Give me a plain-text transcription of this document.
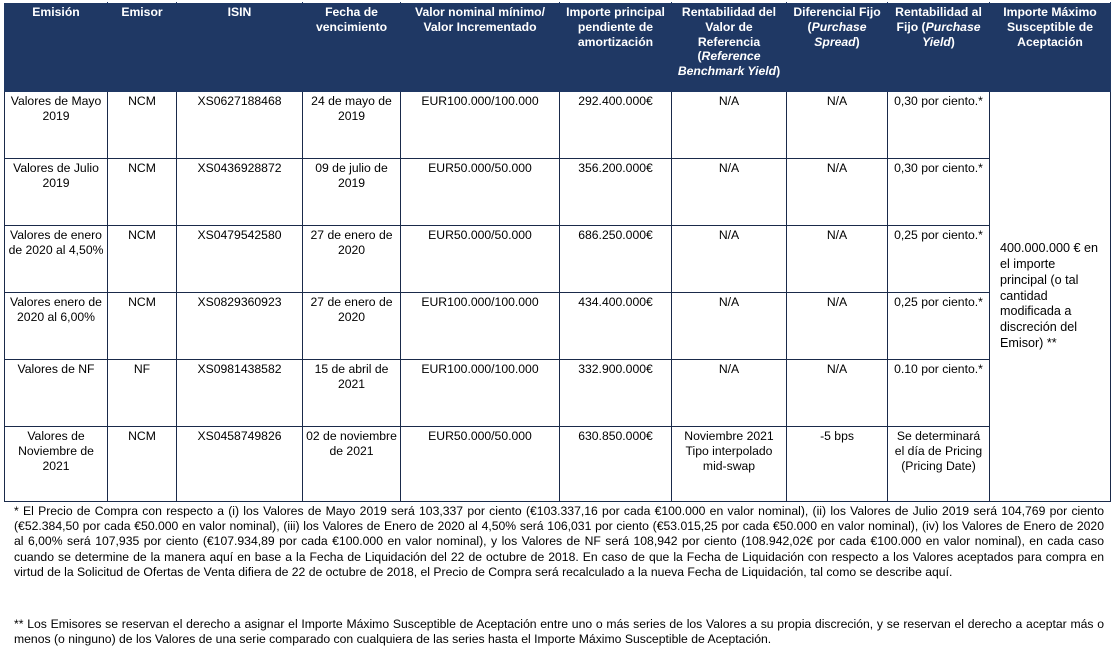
Emisión	Emisor	ISIN	Fecha de vencimiento	Valor nominal mínimo/ Valor Incrementado	Importe principal pendiente de amortización	Rentabilidad del Valor de Referencia (Reference Benchmark Yield)	Diferencial Fijo (Purchase Spread)	Rentabilidad al Fijo (Purchase Yield)	Importe Máximo Susceptible de Aceptación
Valores de Mayo 2019	NCM	XS0627188468	24 de mayo de 2019	EUR100.000/100.000	292.400.000€	N/A	N/A	0,30 por ciento.*	400.000.000 € en el importe principal (o tal cantidad modificada a discreción del Emisor) **
Valores de Julio 2019	NCM	XS0436928872	09 de julio de 2019	EUR50.000/50.000	356.200.000€	N/A	N/A	0,30 por ciento.*	
Valores de enero de 2020 al 4,50%	NCM	XS0479542580	27 de enero de 2020	EUR50.000/50.000	686.250.000€	N/A	N/A	0,25 por ciento.*	
Valores enero de 2020 al 6,00%	NCM	XS0829360923	27 de enero de 2020	EUR100.000/100.000	434.400.000€	N/A	N/A	0,25 por ciento.*	
Valores de NF	NF	XS0981438582	15 de abril de 2021	EUR100.000/100.000	332.900.000€	N/A	N/A	0.10 por ciento.*	
Valores de Noviembre de 2021	NCM	XS0458749826	02 de noviembre de 2021	EUR50.000/50.000	630.850.000€	Noviembre 2021 Tipo interpolado mid-swap	-5 bps	Se determinará el día de Pricing (Pricing Date)	

* El Precio de Compra con respecto a (i) los Valores de Mayo 2019 será 103,337 por ciento (€103.337,16 por cada €100.000 en valor nominal), (ii) los Valores de Julio 2019 será 104,769 por ciento (€52.384,50 por cada €50.000 en valor nominal), (iii) los Valores de Enero de 2020 al 4,50% será 106,031 por ciento (€53.015,25 por cada €50.000 en valor nominal), (iv) los Valores de Enero de 2020 al 6,00% será 107,935 por ciento (€107.934,89 por cada €100.000 en valor nominal), y los Valores de NF será 108,942 por ciento (108.942,02€ por cada €100.000 en valor nominal), en cada caso cuando se determine de la manera aquí en base a la Fecha de Liquidación del 22 de octubre de 2018. En caso de que la Fecha de Liquidación con respecto a los Valores aceptados para compra en virtud de la Solicitud de Ofertas de Venta difiera de 22 de octubre de 2018, el Precio de Compra será recalculado a la nueva Fecha de Liquidación, tal como se describe aquí.

** Los Emisores se reservan el derecho a asignar el Importe Máximo Susceptible de Aceptación entre uno o más series de los Valores a su propia discreción, y se reservan el derecho a aceptar más o menos (o ninguno) de los Valores de una serie comparado con cualquiera de las series hasta el Importe Máximo Susceptible de Aceptación.
